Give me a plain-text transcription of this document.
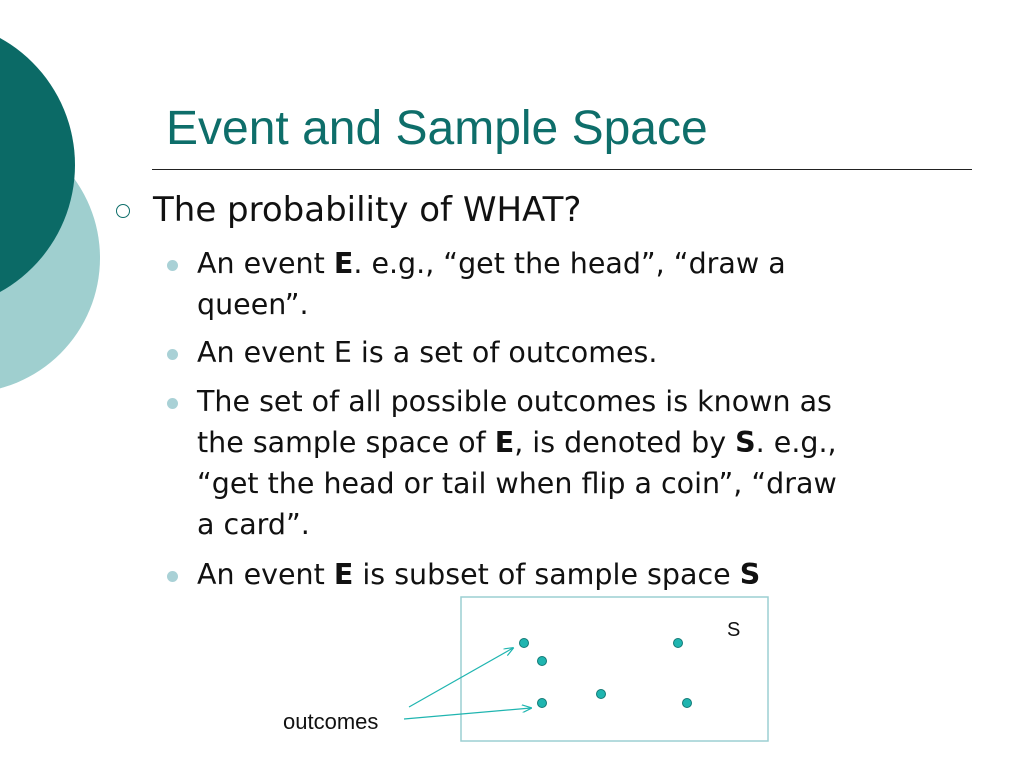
Event and Sample Space

The probability of WHAT?

An event E. e.g., “get the head”, “draw a

queen”.

An event E is a set of outcomes.

The set of all possible outcomes is known as

the sample space of E, is denoted by S. e.g.,

“get the head or tail when flip a coin”, “draw

a card”.

An event E is subset of sample space S

S
outcomes
